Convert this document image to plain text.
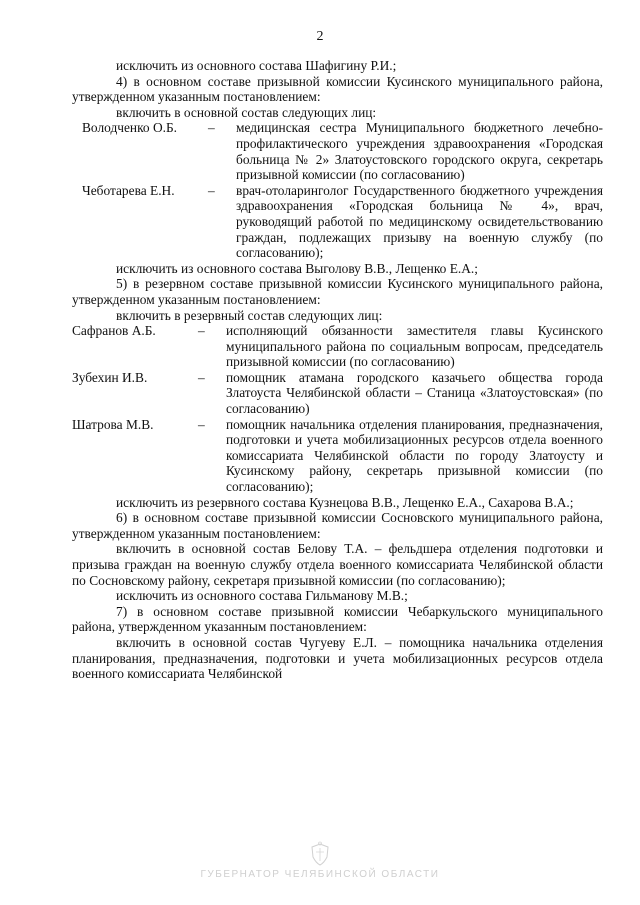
2

исключить из основного состава Шафигину Р.И.;

4) в основном составе призывной комиссии Кусинского муниципального района, утвержденном указанным постановлением:

включить в основной состав следующих лиц:

Володченко О.Б.	–	медицинская сестра Муниципального бюджетного лечебно-профилактического учреждения здравоохранения «Городская больница № 2» Златоустовского городского округа, секретарь призывной комиссии (по согласованию)
Чеботарева Е.Н.	–	врач-отоларинголог Государственного бюджетного учреждения здравоохранения «Городская больница № 4», врач, руководящий работой по медицинскому освидетельствованию граждан, подлежащих призыву на военную службу (по согласованию);

исключить из основного состава Выголову В.В., Лещенко Е.А.;

5) в резервном составе призывной комиссии Кусинского муниципального района, утвержденном указанным постановлением:

включить в резервный состав следующих лиц:

Сафранов А.Б.	–	исполняющий обязанности заместителя главы Кусинского муниципального района по социальным вопросам, председатель призывной комиссии (по согласованию)
Зубехин И.В.	–	помощник атамана городского казачьего общества города Златоуста Челябинской области – Станица «Златоустовская» (по согласованию)
Шатрова М.В.	–	помощник начальника отделения планирования, предназначения, подготовки и учета мобилизационных ресурсов отдела военного комиссариата Челябинской области по городу Златоусту и Кусинскому району, секретарь призывной комиссии (по согласованию);

исключить из резервного состава Кузнецова В.В., Лещенко Е.А., Сахарова В.А.;

6) в основном составе призывной комиссии Сосновского муниципального района, утвержденном указанным постановлением:

включить в основной состав Белову Т.А. – фельдшера отделения подготовки и призыва граждан на военную службу отдела военного комиссариата Челябинской области по Сосновскому району, секретаря призывной комиссии (по согласованию);

исключить из основного состава Гильманову М.В.;

7) в основном составе призывной комиссии Чебаркульского муниципального района, утвержденном указанным постановлением:

включить в основной состав Чугуеву Е.Л. – помощника начальника отделения планирования, предназначения, подготовки и учета мобилизационных ресурсов отдела военного комиссариата Челябинской

ГУБЕРНАТОР ЧЕЛЯБИНСКОЙ ОБЛАСТИ
